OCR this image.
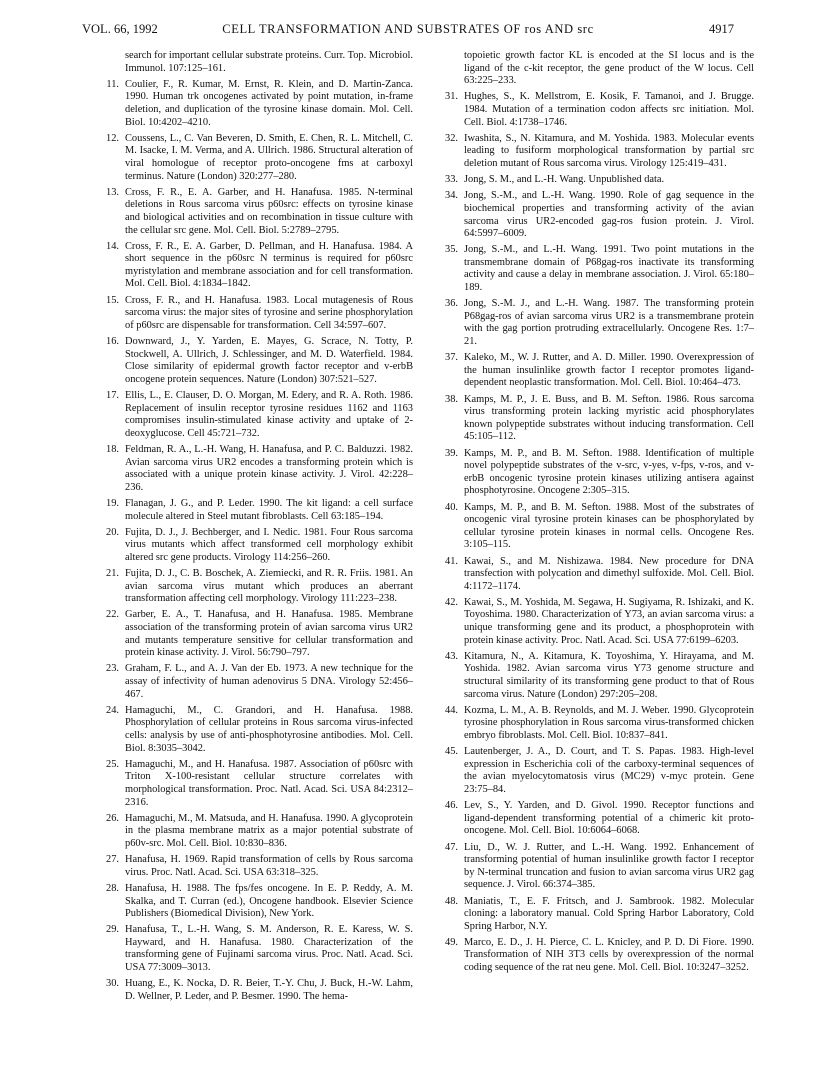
VOL. 66, 1992	CELL TRANSFORMATION AND SUBSTRATES OF ros AND src	4917
search for important cellular substrate proteins. Curr. Top. Microbiol. Immunol. 107:125–161.
11. Coulier, F., R. Kumar, M. Ernst, R. Klein, and D. Martin-Zanca. 1990. Human trk oncogenes activated by point mutation, in-frame deletion, and duplication of the tyrosine kinase domain. Mol. Cell. Biol. 10:4202–4210.
12. Coussens, L., C. Van Beveren, D. Smith, E. Chen, R. L. Mitchell, C. M. Isacke, I. M. Verma, and A. Ullrich. 1986. Structural alteration of viral homologue of receptor proto-oncogene fms at carboxyl terminus. Nature (London) 320:277–280.
13. Cross, F. R., E. A. Garber, and H. Hanafusa. 1985. N-terminal deletions in Rous sarcoma virus p60src: effects on tyrosine kinase and biological activities and on recombination in tissue culture with the cellular src gene. Mol. Cell. Biol. 5:2789–2795.
14. Cross, F. R., E. A. Garber, D. Pellman, and H. Hanafusa. 1984. A short sequence in the p60src N terminus is required for p60src myristylation and membrane association and for cell transformation. Mol. Cell. Biol. 4:1834–1842.
15. Cross, F. R., and H. Hanafusa. 1983. Local mutagenesis of Rous sarcoma virus: the major sites of tyrosine and serine phosphorylation of p60src are dispensable for transformation. Cell 34:597–607.
16. Downward, J., Y. Yarden, E. Mayes, G. Scrace, N. Totty, P. Stockwell, A. Ullrich, J. Schlessinger, and M. D. Waterfield. 1984. Close similarity of epidermal growth factor receptor and v-erbB oncogene protein sequences. Nature (London) 307:521–527.
17. Ellis, L., E. Clauser, D. O. Morgan, M. Edery, and R. A. Roth. 1986. Replacement of insulin receptor tyrosine residues 1162 and 1163 compromises insulin-stimulated kinase activity and uptake of 2-deoxyglucose. Cell 45:721–732.
18. Feldman, R. A., L.-H. Wang, H. Hanafusa, and P. C. Balduzzi. 1982. Avian sarcoma virus UR2 encodes a transforming protein which is associated with a unique protein kinase activity. J. Virol. 42:228–236.
19. Flanagan, J. G., and P. Leder. 1990. The kit ligand: a cell surface molecule altered in Steel mutant fibroblasts. Cell 63:185–194.
20. Fujita, D. J., J. Bechberger, and I. Nedic. 1981. Four Rous sarcoma virus mutants which affect transformed cell morphology exhibit altered src gene products. Virology 114:256–260.
21. Fujita, D. J., C. B. Boschek, A. Ziemiecki, and R. R. Friis. 1981. An avian sarcoma virus mutant which produces an aberrant transformation affecting cell morphology. Virology 111:223–238.
22. Garber, E. A., T. Hanafusa, and H. Hanafusa. 1985. Membrane association of the transforming protein of avian sarcoma virus UR2 and mutants temperature sensitive for cellular transformation and protein kinase activity. J. Virol. 56:790–797.
23. Graham, F. L., and A. J. Van der Eb. 1973. A new technique for the assay of infectivity of human adenovirus 5 DNA. Virology 52:456–467.
24. Hamaguchi, M., C. Grandori, and H. Hanafusa. 1988. Phosphorylation of cellular proteins in Rous sarcoma virus-infected cells: analysis by use of anti-phosphotyrosine antibodies. Mol. Cell. Biol. 8:3035–3042.
25. Hamaguchi, M., and H. Hanafusa. 1987. Association of p60src with Triton X-100-resistant cellular structure correlates with morphological transformation. Proc. Natl. Acad. Sci. USA 84:2312–2316.
26. Hamaguchi, M., M. Matsuda, and H. Hanafusa. 1990. A glycoprotein in the plasma membrane matrix as a major potential substrate of p60v-src. Mol. Cell. Biol. 10:830–836.
27. Hanafusa, H. 1969. Rapid transformation of cells by Rous sarcoma virus. Proc. Natl. Acad. Sci. USA 63:318–325.
28. Hanafusa, H. 1988. The fps/fes oncogene. In E. P. Reddy, A. M. Skalka, and T. Curran (ed.), Oncogene handbook. Elsevier Science Publishers (Biomedical Division), New York.
29. Hanafusa, T., L.-H. Wang, S. M. Anderson, R. E. Karess, W. S. Hayward, and H. Hanafusa. 1980. Characterization of the transforming gene of Fujinami sarcoma virus. Proc. Natl. Acad. Sci. USA 77:3009–3013.
30. Huang, E., K. Nocka, D. R. Beier, T.-Y. Chu, J. Buck, H.-W. Lahm, D. Wellner, P. Leder, and P. Besmer. 1990. The hema-
topoietic growth factor KL is encoded at the SI locus and is the ligand of the c-kit receptor, the gene product of the W locus. Cell 63:225–233.
31. Hughes, S., K. Mellstrom, E. Kosik, F. Tamanoi, and J. Brugge. 1984. Mutation of a termination codon affects src initiation. Mol. Cell. Biol. 4:1738–1746.
32. Iwashita, S., N. Kitamura, and M. Yoshida. 1983. Molecular events leading to fusiform morphological transformation by partial src deletion mutant of Rous sarcoma virus. Virology 125:419–431.
33. Jong, S. M., and L.-H. Wang. Unpublished data.
34. Jong, S.-M., and L.-H. Wang. 1990. Role of gag sequence in the biochemical properties and transforming activity of the avian sarcoma virus UR2-encoded gag-ros fusion protein. J. Virol. 64:5997–6009.
35. Jong, S.-M., and L.-H. Wang. 1991. Two point mutations in the transmembrane domain of P68gag-ros inactivate its transforming activity and cause a delay in membrane association. J. Virol. 65:180–189.
36. Jong, S.-M. J., and L.-H. Wang. 1987. The transforming protein P68gag-ros of avian sarcoma virus UR2 is a transmembrane protein with the gag portion protruding extracellularly. Oncogene Res. 1:7–21.
37. Kaleko, M., W. J. Rutter, and A. D. Miller. 1990. Overexpression of the human insulinlike growth factor I receptor promotes ligand-dependent neoplastic transformation. Mol. Cell. Biol. 10:464–473.
38. Kamps, M. P., J. E. Buss, and B. M. Sefton. 1986. Rous sarcoma virus transforming protein lacking myristic acid phosphorylates known polypeptide substrates without inducing transformation. Cell 45:105–112.
39. Kamps, M. P., and B. M. Sefton. 1988. Identification of multiple novel polypeptide substrates of the v-src, v-yes, v-fps, v-ros, and v-erbB oncogenic tyrosine protein kinases utilizing antisera against phosphotyrosine. Oncogene 2:305–315.
40. Kamps, M. P., and B. M. Sefton. 1988. Most of the substrates of oncogenic viral tyrosine protein kinases can be phosphorylated by cellular tyrosine protein kinases in normal cells. Oncogene Res. 3:105–115.
41. Kawai, S., and M. Nishizawa. 1984. New procedure for DNA transfection with polycation and dimethyl sulfoxide. Mol. Cell. Biol. 4:1172–1174.
42. Kawai, S., M. Yoshida, M. Segawa, H. Sugiyama, R. Ishizaki, and K. Toyoshima. 1980. Characterization of Y73, an avian sarcoma virus: a unique transforming gene and its product, a phosphoprotein with protein kinase activity. Proc. Natl. Acad. Sci. USA 77:6199–6203.
43. Kitamura, N., A. Kitamura, K. Toyoshima, Y. Hirayama, and M. Yoshida. 1982. Avian sarcoma virus Y73 genome structure and structural similarity of its transforming gene product to that of Rous sarcoma virus. Nature (London) 297:205–208.
44. Kozma, L. M., A. B. Reynolds, and M. J. Weber. 1990. Glycoprotein tyrosine phosphorylation in Rous sarcoma virus-transformed chicken embryo fibroblasts. Mol. Cell. Biol. 10:837–841.
45. Lautenberger, J. A., D. Court, and T. S. Papas. 1983. High-level expression in Escherichia coli of the carboxy-terminal sequences of the avian myelocytomatosis virus (MC29) v-myc protein. Gene 23:75–84.
46. Lev, S., Y. Yarden, and D. Givol. 1990. Receptor functions and ligand-dependent transforming potential of a chimeric kit proto-oncogene. Mol. Cell. Biol. 10:6064–6068.
47. Liu, D., W. J. Rutter, and L.-H. Wang. 1992. Enhancement of transforming potential of human insulinlike growth factor I receptor by N-terminal truncation and fusion to avian sarcoma virus UR2 gag sequence. J. Virol. 66:374–385.
48. Maniatis, T., E. F. Fritsch, and J. Sambrook. 1982. Molecular cloning: a laboratory manual. Cold Spring Harbor Laboratory, Cold Spring Harbor, N.Y.
49. Marco, E. D., J. H. Pierce, C. L. Knicley, and P. D. Di Fiore. 1990. Transformation of NIH 3T3 cells by overexpression of the normal coding sequence of the rat neu gene. Mol. Cell. Biol. 10:3247–3252.
